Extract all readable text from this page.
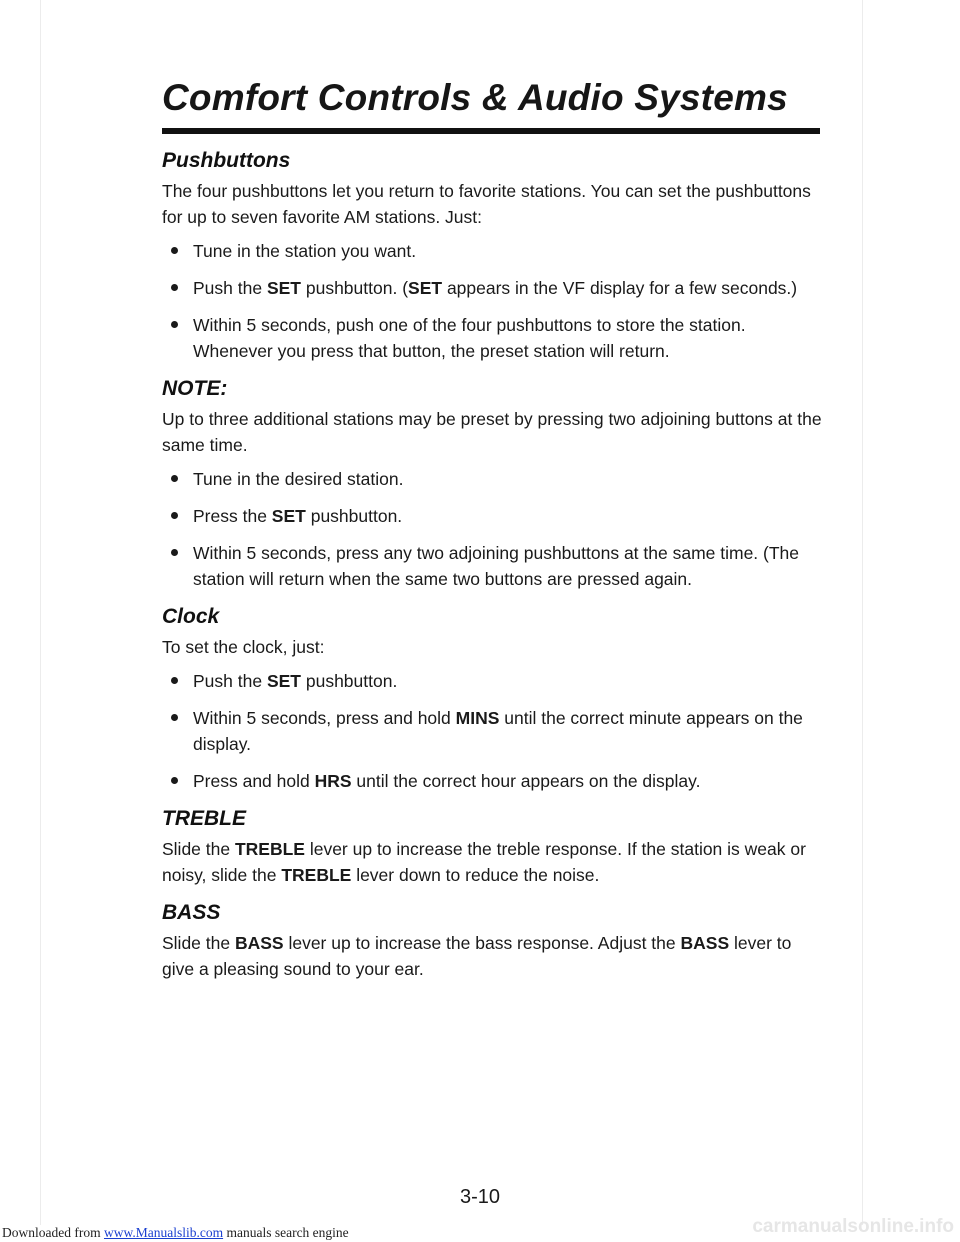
Comfort Controls & Audio Systems
Pushbuttons

The four pushbuttons let you return to favorite stations. You can set the pushbuttons for up to seven favorite AM stations. Just:

Tune in the station you want.
Push the SET pushbutton. (SET appears in the VF display for a few seconds.)
Within 5 seconds, push one of the four pushbuttons to store the station. Whenever you press that button, the preset station will return.
NOTE:

Up to three additional stations may be preset by pressing two adjoining buttons at the same time.

Tune in the desired station.
Press the SET pushbutton.
Within 5 seconds, press any two adjoining pushbuttons at the same time. (The station will return when the same two buttons are pressed again.
Clock

To set the clock, just:

Push the SET pushbutton.
Within 5 seconds, press and hold MINS until the correct minute appears on the display.
Press and hold HRS until the correct hour appears on the display.
TREBLE

Slide the TREBLE lever up to increase the treble response. If the station is weak or noisy, slide the TREBLE lever down to reduce the noise.

BASS

Slide the BASS lever up to increase the bass response. Adjust the BASS lever to give a pleasing sound to your ear.

3-10
Downloaded from www.Manualslib.com manuals search engine	carmanualsonline.info
